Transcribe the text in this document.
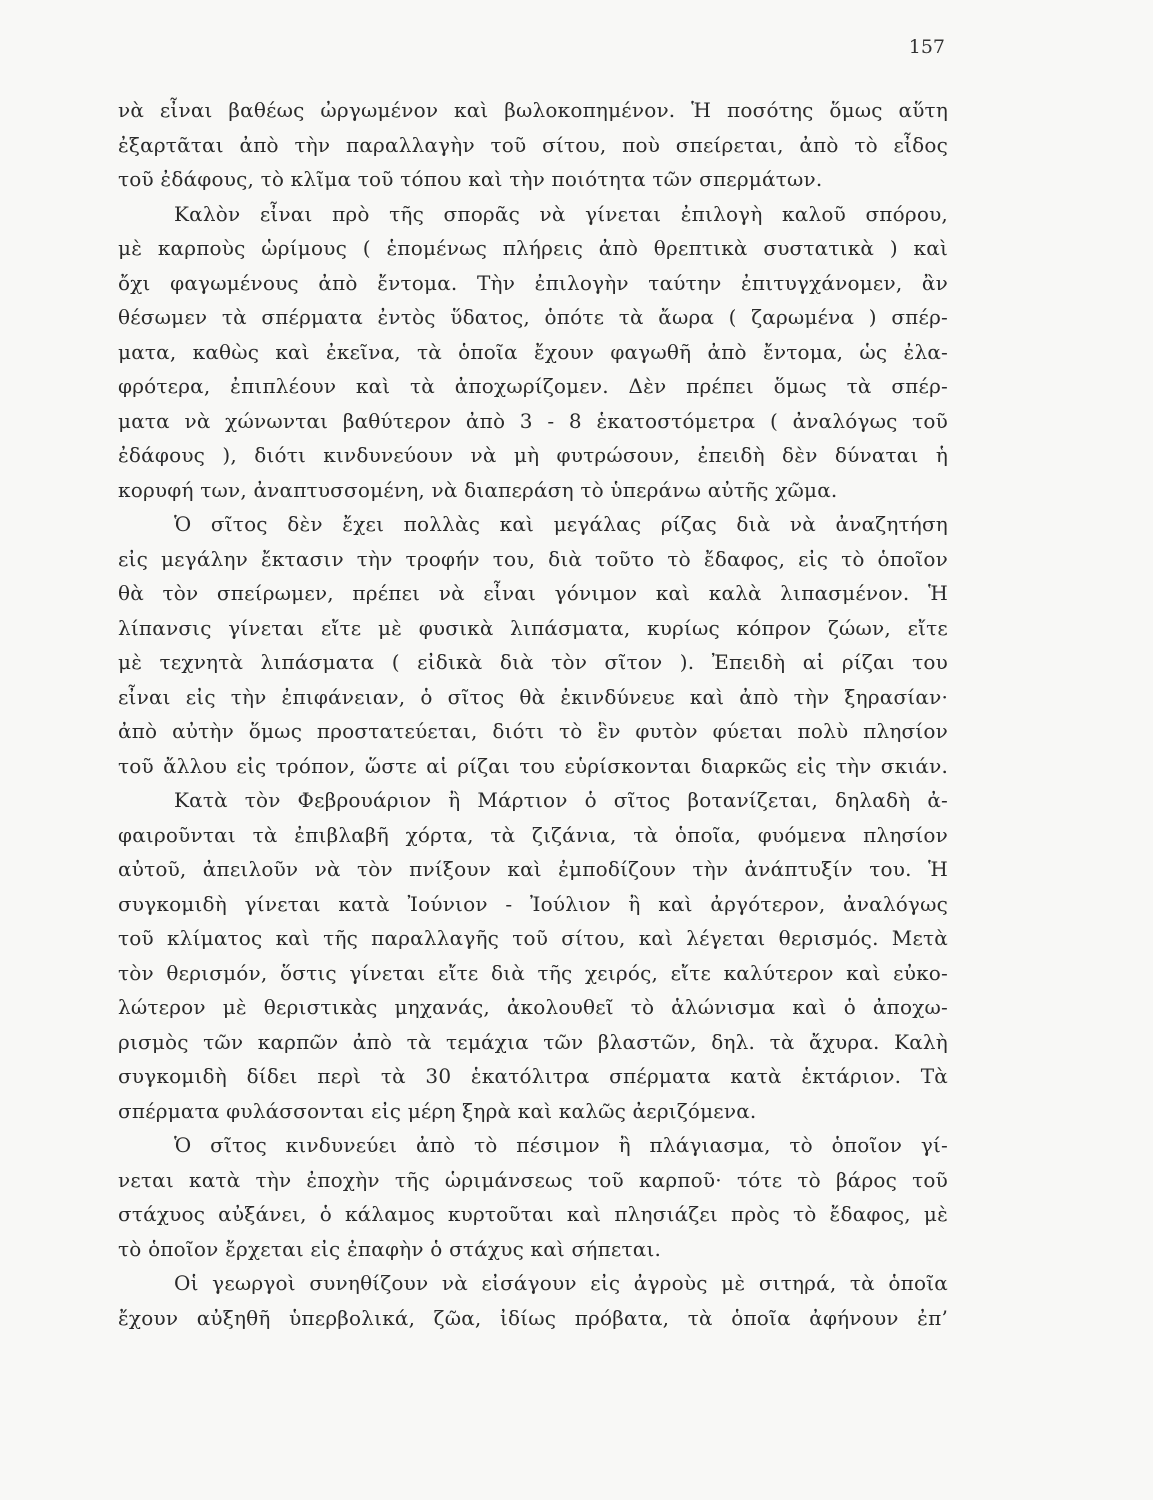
157
νὰ εἶναι βαθέως ὠργωμένον καὶ βωλοκοπημένον. Ἡ ποσότης ὅμως αὕτη
ἐξαρτᾶται ἀπὸ τὴν παραλλαγὴν τοῦ σίτου, ποὺ σπείρεται, ἀπὸ τὸ εἶδος
τοῦ ἐδάφους, τὸ κλῖμα τοῦ τόπου καὶ τὴν ποιότητα τῶν σπερμάτων.
Καλὸν εἶναι πρὸ τῆς σπορᾶς νὰ γίνεται ἐπιλογὴ καλοῦ σπόρου,
μὲ καρποὺς ὡρίμους ( ἑπομένως πλήρεις ἀπὸ θρεπτικὰ συστατικὰ ) καὶ
ὄχι φαγωμένους ἀπὸ ἔντομα. Τὴν ἐπιλογὴν ταύτην ἐπιτυγχάνομεν, ἂν
θέσωμεν τὰ σπέρματα ἐντὸς ὕδατος, ὁπότε τὰ ἄωρα ( ζαρωμένα ) σπέρ-
ματα, καθὼς καὶ ἐκεῖνα, τὰ ὁποῖα ἔχουν φαγωθῆ ἀπὸ ἔντομα, ὡς ἐλα-
φρότερα, ἐπιπλέουν καὶ τὰ ἀποχωρίζομεν. Δὲν πρέπει ὅμως τὰ σπέρ-
ματα νὰ χώνωνται βαθύτερον ἀπὸ 3 - 8 ἑκατοστόμετρα ( ἀναλόγως τοῦ
ἐδάφους ), διότι κινδυνεύουν νὰ μὴ φυτρώσουν, ἐπειδὴ δὲν δύναται ἡ
κορυφή των, ἀναπτυσσομένη, νὰ διαπεράση τὸ ὑπεράνω αὐτῆς χῶμα.
Ὁ σῖτος δὲν ἔχει πολλὰς καὶ μεγάλας ρίζας διὰ νὰ ἀναζητήση
εἰς μεγάλην ἔκτασιν τὴν τροφήν του, διὰ τοῦτο τὸ ἔδαφος, εἰς τὸ ὁποῖον
θὰ τὸν σπείρωμεν, πρέπει νὰ εἶναι γόνιμον καὶ καλὰ λιπασμένον. Ἡ
λίπανσις γίνεται εἴτε μὲ φυσικὰ λιπάσματα, κυρίως κόπρον ζώων, εἴτε
μὲ τεχνητὰ λιπάσματα ( εἰδικὰ διὰ τὸν σῖτον ). Ἐπειδὴ αἱ ρίζαι του
εἶναι εἰς τὴν ἐπιφάνειαν, ὁ σῖτος θὰ ἐκινδύνευε καὶ ἀπὸ τὴν ξηρασίαν·
ἀπὸ αὐτὴν ὅμως προστατεύεται, διότι τὸ ἓν φυτὸν φύεται πολὺ πλησίον
τοῦ ἄλλου εἰς τρόπον, ὥστε αἱ ρίζαι του εὑρίσκονται διαρκῶς εἰς τὴν σκιάν.
Κατὰ τὸν Φεβρουάριον ἢ Μάρτιον ὁ σῖτος βοτανίζεται, δηλαδὴ ἀ-
φαιροῦνται τὰ ἐπιβλαβῆ χόρτα, τὰ ζιζάνια, τὰ ὁποῖα, φυόμενα πλησίον
αὐτοῦ, ἀπειλοῦν νὰ τὸν πνίξουν καὶ ἐμποδίζουν τὴν ἀνάπτυξίν του. Ἡ
συγκομιδὴ γίνεται κατὰ Ἰούνιον - Ἰούλιον ἢ καὶ ἀργότερον, ἀναλόγως
τοῦ κλίματος καὶ τῆς παραλλαγῆς τοῦ σίτου, καὶ λέγεται θερισμός. Μετὰ
τὸν θερισμόν, ὅστις γίνεται εἴτε διὰ τῆς χειρός, εἴτε καλύτερον καὶ εὐκο-
λώτερον μὲ θεριστικὰς μηχανάς, ἀκολουθεῖ τὸ ἁλώνισμα καὶ ὁ ἀποχω-
ρισμὸς τῶν καρπῶν ἀπὸ τὰ τεμάχια τῶν βλαστῶν, δηλ. τὰ ἄχυρα. Καλὴ
συγκομιδὴ δίδει περὶ τὰ 30 ἑκατόλιτρα σπέρματα κατὰ ἑκτάριον. Τὰ
σπέρματα φυλάσσονται εἰς μέρη ξηρὰ καὶ καλῶς ἀεριζόμενα.
Ὁ σῖτος κινδυνεύει ἀπὸ τὸ πέσιμον ἢ πλάγιασμα, τὸ ὁποῖον γί-
νεται κατὰ τὴν ἐποχὴν τῆς ὡριμάνσεως τοῦ καρποῦ· τότε τὸ βάρος τοῦ
στάχυος αὐξάνει, ὁ κάλαμος κυρτοῦται καὶ πλησιάζει πρὸς τὸ ἔδαφος, μὲ
τὸ ὁποῖον ἔρχεται εἰς ἐπαφὴν ὁ στάχυς καὶ σήπεται.
Οἱ γεωργοὶ συνηθίζουν νὰ εἰσάγουν εἰς ἀγροὺς μὲ σιτηρά, τὰ ὁποῖα
ἔχουν αὐξηθῆ ὑπερβολικά, ζῶα, ἰδίως πρόβατα, τὰ ὁποῖα ἀφήνουν ἐπ’
